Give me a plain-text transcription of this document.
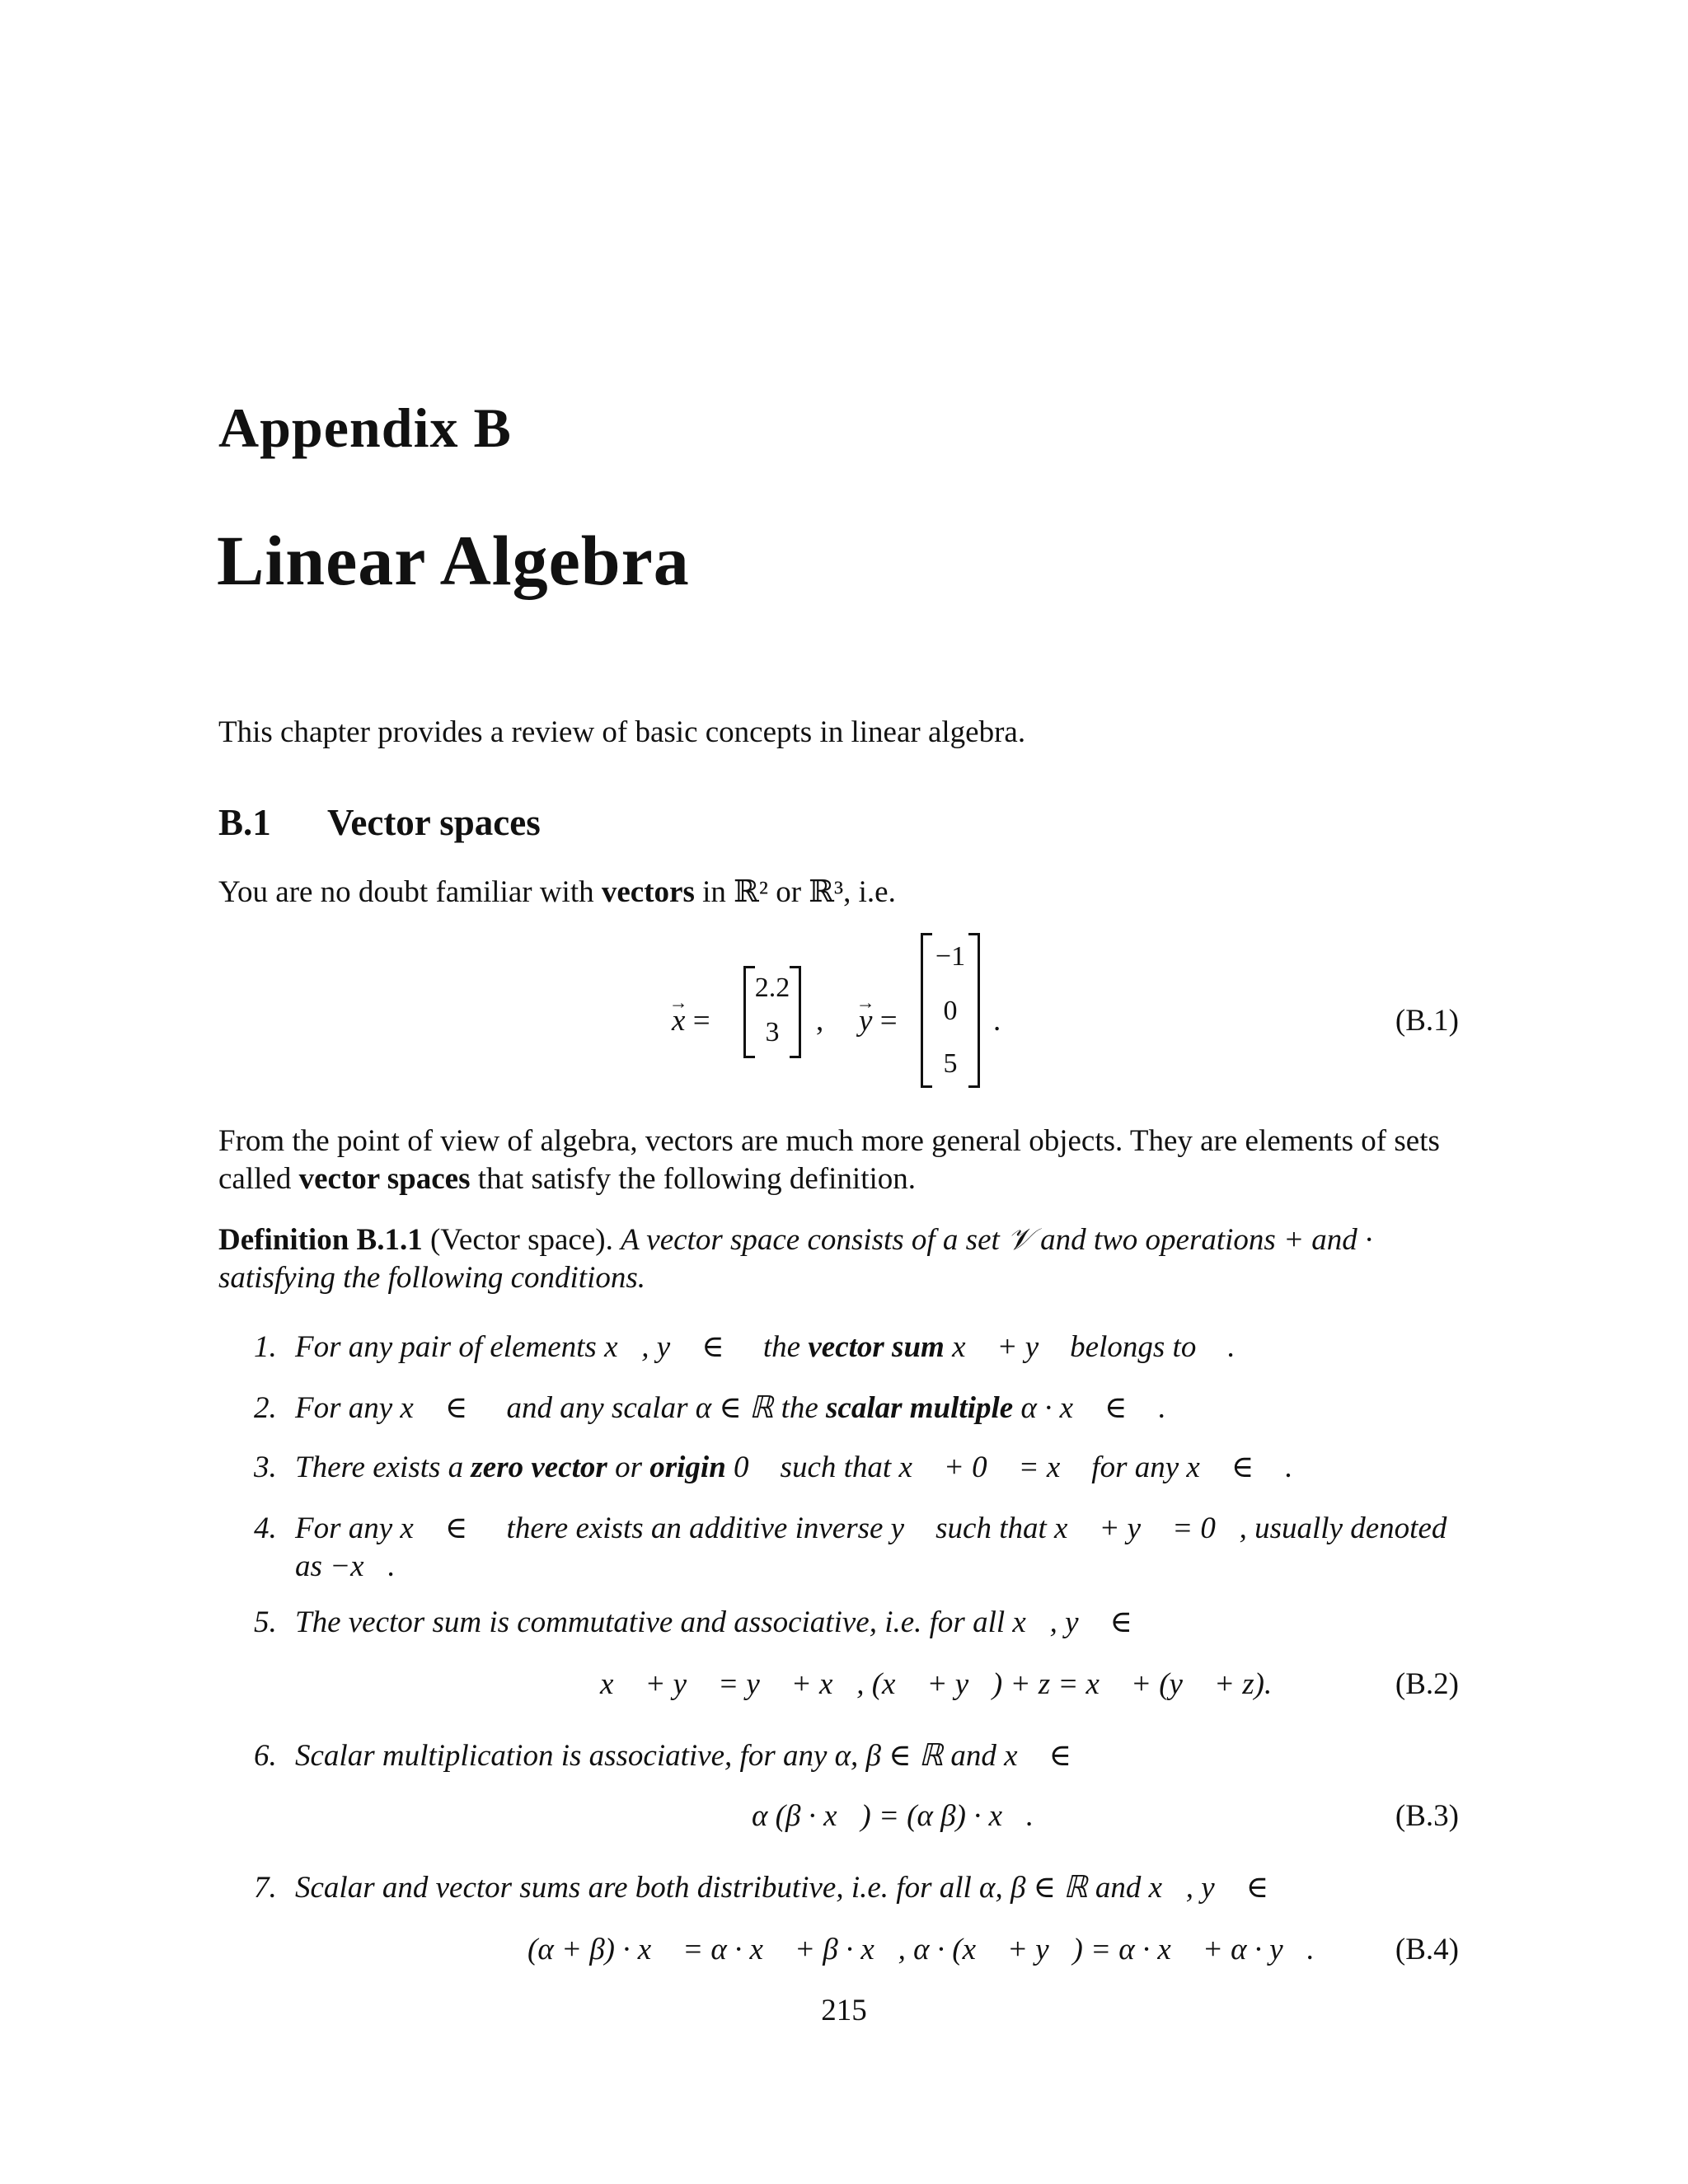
Appendix B
Linear Algebra
This chapter provides a review of basic concepts in linear algebra.
B.1 Vector spaces
You are no doubt familiar with vectors in ℝ² or ℝ³, i.e.
→ x =
2.2
3	,
→ y =
−1
0
5
.	(B.1)
From the point of view of algebra, vectors are much more general objects. They are elements of sets called vector spaces that satisfy the following definition.
Definition B.1.1 (Vector space). A vector space consists of a set 𝒱 and two operations + and · satisfying the following conditions.
1. For any pair of elements x⃗, y⃗ ∈ 𝒱 the vector sum x⃗ + y⃗ belongs to 𝒱.
2. For any x⃗ ∈ 𝒱 and any scalar α ∈ ℝ the scalar multiple α · x⃗ ∈ 𝒱.
3. There exists a zero vector or origin 0⃗ such that x⃗ + 0⃗ = x⃗ for any x⃗ ∈ 𝒱.
4. For any x⃗ ∈ 𝒱 there exists an additive inverse y⃗ such that x⃗ + y⃗ = 0⃗, usually denoted as −x⃗.
5. The vector sum is commutative and associative, i.e. for all x⃗, y⃗ ∈ 𝒱
x⃗ + y⃗ = y⃗ + x⃗, (x⃗ + y⃗) + z = x⃗ + (y⃗ + z).	(B.2)
6. Scalar multiplication is associative, for any α, β ∈ ℝ and x⃗ ∈ 𝒱
α (β · x⃗) = (α β) · x⃗.	(B.3)
7. Scalar and vector sums are both distributive, i.e. for all α, β ∈ ℝ and x⃗, y⃗ ∈ 𝒱
(α + β) · x⃗ = α · x⃗ + β · x⃗, α · (x⃗ + y⃗) = α · x⃗ + α · y⃗.	(B.4)
215
